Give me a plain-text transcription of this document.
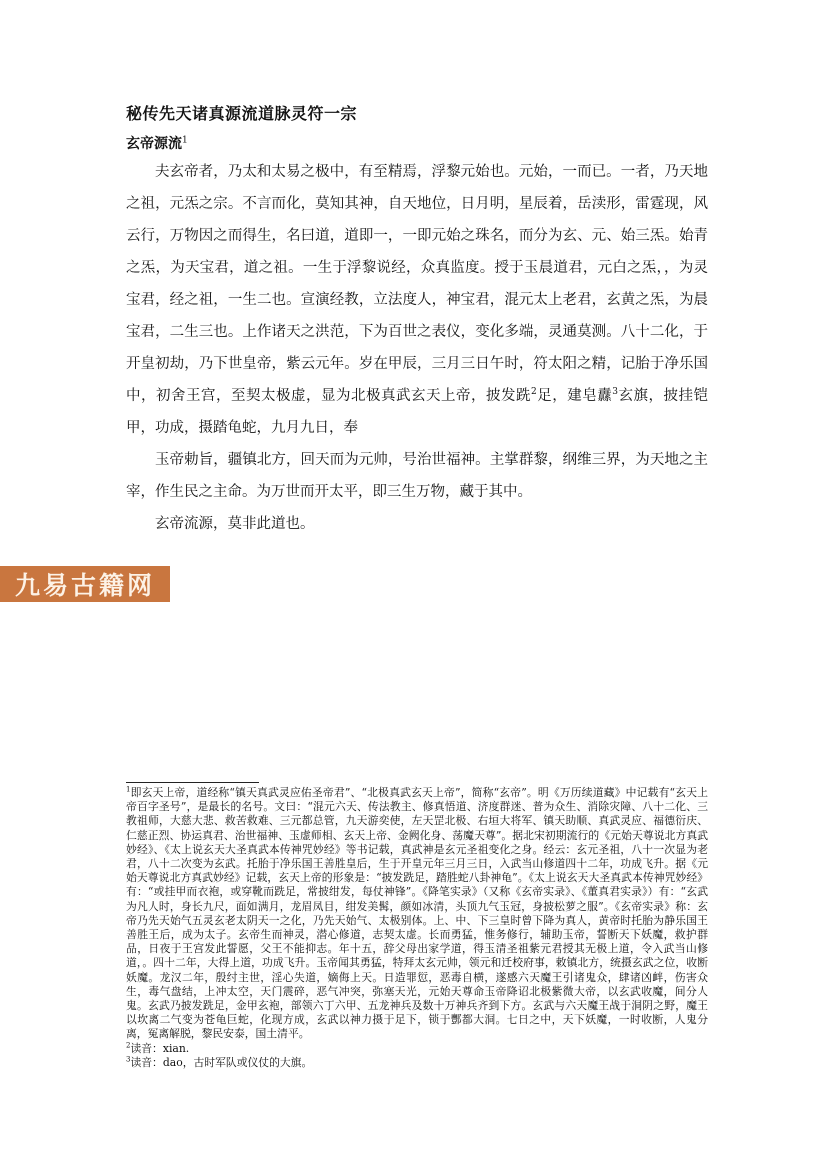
秘传先天诸真源流道脉灵符一宗
玄帝源流$^1$

夫玄帝者，乃太和太易之极中，有至精焉，浮黎元始也。元始，一而已。一者，乃天地之祖，元炁之宗。不言而化，莫知其神，自天地位，日月明，星辰着，岳渎形，雷霆现，风云行，万物因之而得生，名曰道，道即一，一即元始之珠名，而分为玄、元、始三炁。始青之炁，为天宝君，道之祖。一生于浮黎说经，众真监度。授于玉晨道君，元白之炁，，为灵宝君，经之祖，一生二也。宣演经教，立法度人，神宝君，混元太上老君，玄黄之炁，为晨宝君，二生三也。上作诸天之洪范，下为百世之表仪，变化多端，灵通莫测。八十二化，于开皇初劫，乃下世皇帝，紫云元年。岁在甲辰，三月三日午时，符太阳之精，记胎于净乐国中，初舍王宫，至契太极虚，显为北极真武玄天上帝，披发跣$^2$足，建皂纛$^3$玄旗，披挂铠甲，功成，摄踏龟蛇，九月九日，奉

玉帝勅旨，疆镇北方，回天而为元帅，号治世福神。主掌群黎，纲维三界，为天地之主宰，作生民之主命。为万世而开太平，即三生万物，藏于其中。

玄帝流源，莫非此道也。

九易古籍网

$^1$即玄天上帝，道经称“镇天真武灵应佑圣帝君”、“北极真武玄天上帝”，简称“玄帝”。明《万历续道藏》中记载有“玄天上帝百字圣号”，是最长的名号。文曰：“混元六天、传法教主、修真悟道、济度群迷、普为众生、消除灾障、八十二化、三教祖师，大慈大悲、救苦救难、三元都总管，九天游奕使，左天罡北极、右垣大将军、镇天助顺、真武灵应、福德衍庆、仁慈正烈、协运真君、治世福神、玉虚师相、玄天上帝、金阙化身、荡魔天尊”。据北宋初期流行的《元始天尊说北方真武妙经》、《太上说玄天大圣真武本传神咒妙经》等书记载，真武神是玄元圣祖变化之身。经云：玄元圣祖，八十一次显为老君，八十二次变为玄武。托胎于净乐国王善胜皇后，生于开皇元年三月三日，入武当山修道四十二年，功成飞升。据《元始天尊说北方真武妙经》记载，玄天上帝的形象是：“披发跣足，踏胜蛇八卦神龟”。《太上说玄天大圣真武本传神咒妙经》有：“或挂甲而衣袍，或穿靴而跣足，常披绀发，每仗神锋”。《降笔实录》（又称《玄帝实录》、《董真君实录》）有：“玄武为凡人时，身长九尺，面如满月，龙眉凤目，绀发美髯，颜如冰清，头顶九气玉冠，身披松萝之服”。《玄帝实录》称：玄帝乃先天始气五灵玄老太阴天一之化，乃先天始气、太极别体。上、中、下三皇时曾下降为真人，黄帝时托胎为静乐国王善胜王后，成为太子。玄帝生而神灵，潜心修道，志契太虚。长而勇猛，惟务修行，辅助玉帝，誓断天下妖魔，救护群品，日夜于王宫发此誓愿，父王不能抑志。年十五，辞父母出家学道，得玉清圣祖紫元君授其无极上道，令入武当山修道，。四十二年，大得上道，功成飞升。玉帝闻其勇猛，特拜太玄元帅，领元和迁校府事，敕镇北方，统摄玄武之位，收断妖魔。龙汉二年，殷纣主世，淫心失道，嫡侮上天。日造罪愆，恶毒自横，遂感六天魔王引诸鬼众，肆诸凶衅，伤害众生，毒气盘结，上冲太空，天门震碎，恶气冲突，弥塞天光，元始天尊命玉帝降诏北极紫微大帝，以玄武收魔，间分人鬼。玄武乃披发跣足，金甲玄袍，部领六丁六甲、五龙神兵及数十万神兵齐到下方。玄武与六天魔王战于洞阴之野，魔王以坎离二气变为苍龟巨蛇，化现方成，玄武以神力摄于足下，锁于酆都大洞。七日之中，天下妖魔，一时收断，人鬼分离，冤离解脱，黎民安泰，国土清平。

$^2$读音：xian.

$^3$读音：dao，古时军队或仪仗的大旗。
